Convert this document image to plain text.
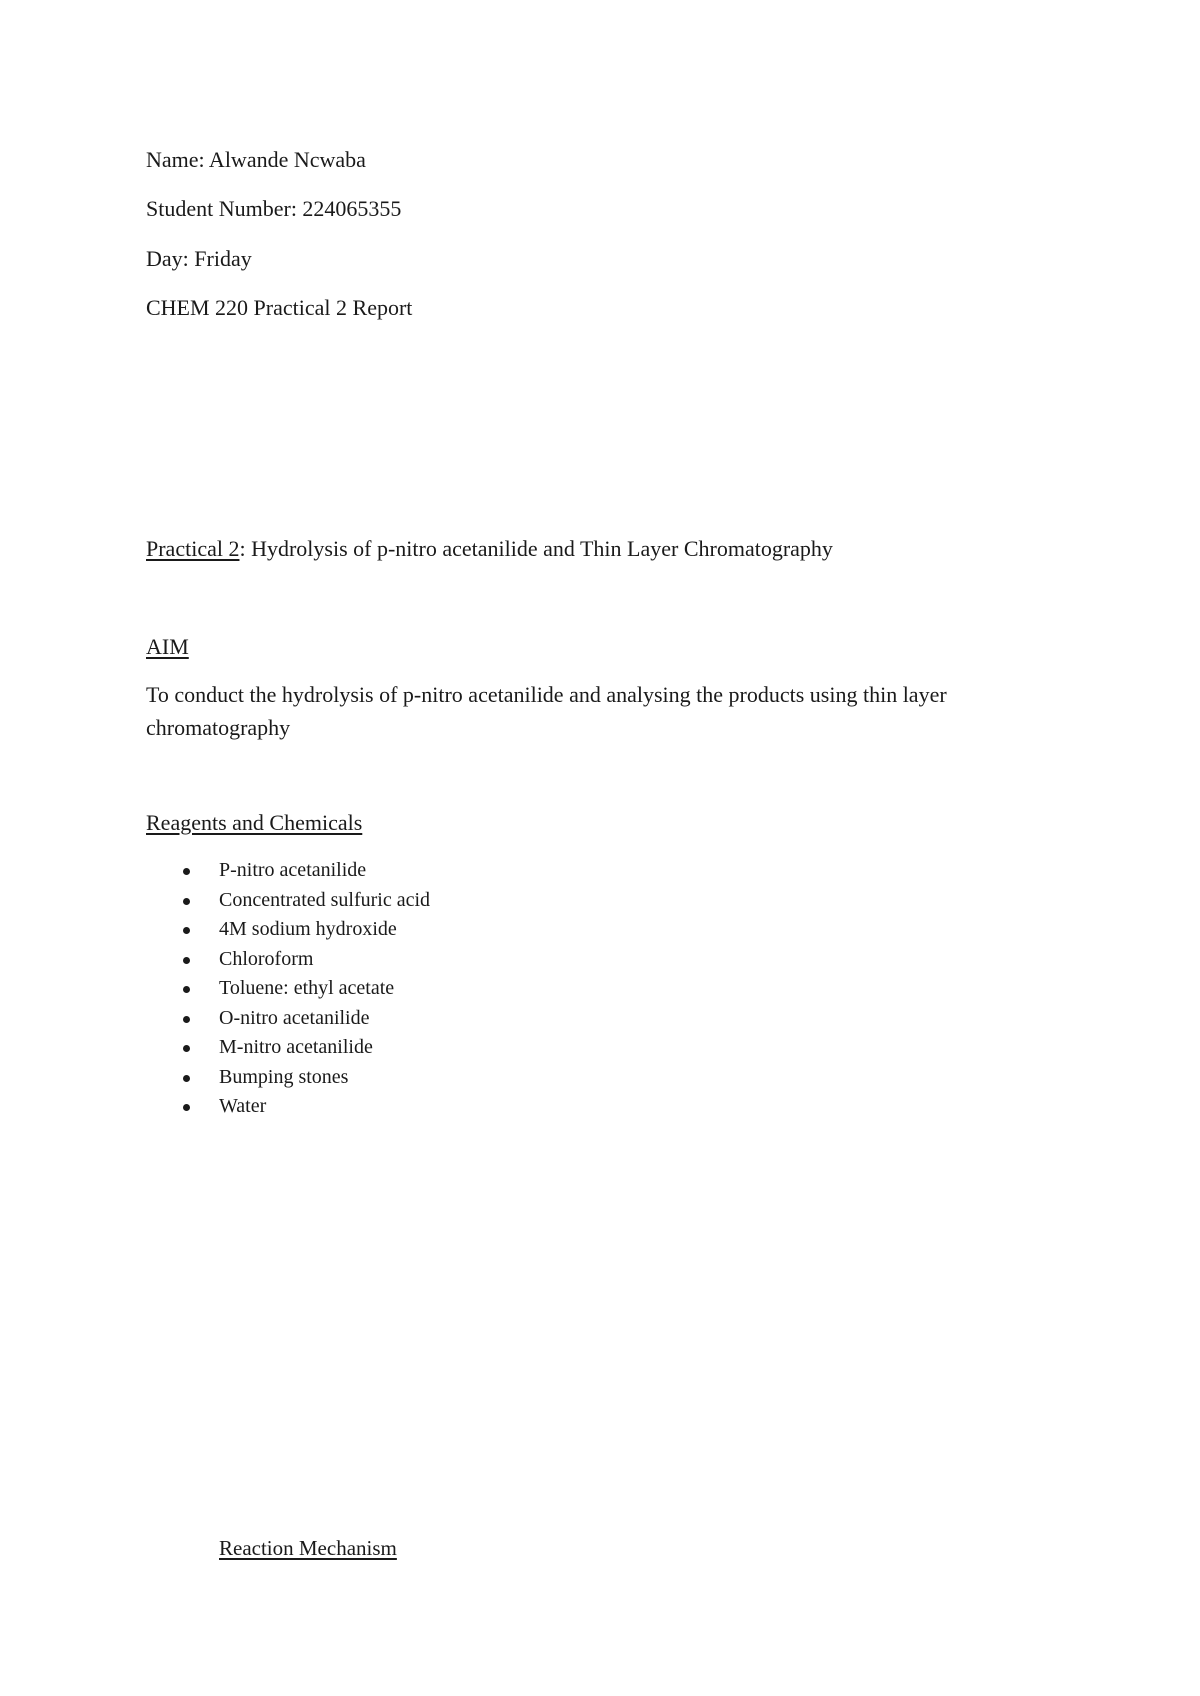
Name: Alwande Ncwaba
Student Number: 224065355
Day: Friday
CHEM 220 Practical 2 Report
Practical 2: Hydrolysis of p-nitro acetanilide and Thin Layer Chromatography
AIM
To conduct the hydrolysis of p-nitro acetanilide and analysing the products using thin layer chromatography
Reagents and Chemicals
P-nitro acetanilide
Concentrated sulfuric acid
4M sodium hydroxide
Chloroform
Toluene: ethyl acetate
O-nitro acetanilide
M-nitro acetanilide
Bumping stones
Water
Reaction Mechanism
